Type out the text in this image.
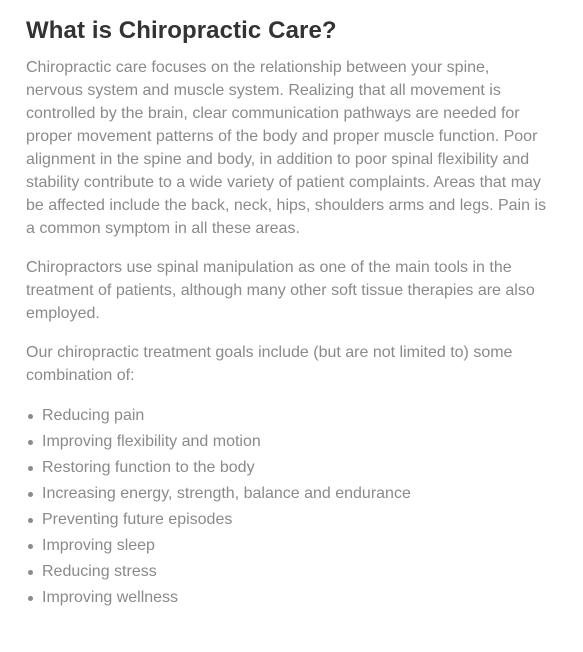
What is Chiropractic Care?

Chiropractic care focuses on the relationship between your spine, nervous system and muscle system. Realizing that all movement is controlled by the brain, clear communication pathways are needed for proper movement patterns of the body and proper muscle function. Poor alignment in the spine and body, in addition to poor spinal flexibility and stability contribute to a wide variety of patient complaints. Areas that may be affected include the back, neck, hips, shoulders arms and legs. Pain is a common symptom in all these areas.

Chiropractors use spinal manipulation as one of the main tools in the treatment of patients, although many other soft tissue therapies are also employed.

Our chiropractic treatment goals include (but are not limited to) some combination of:

Reducing pain
Improving flexibility and motion
Restoring function to the body
Increasing energy, strength, balance and endurance
Preventing future episodes
Improving sleep
Reducing stress
Improving wellness
